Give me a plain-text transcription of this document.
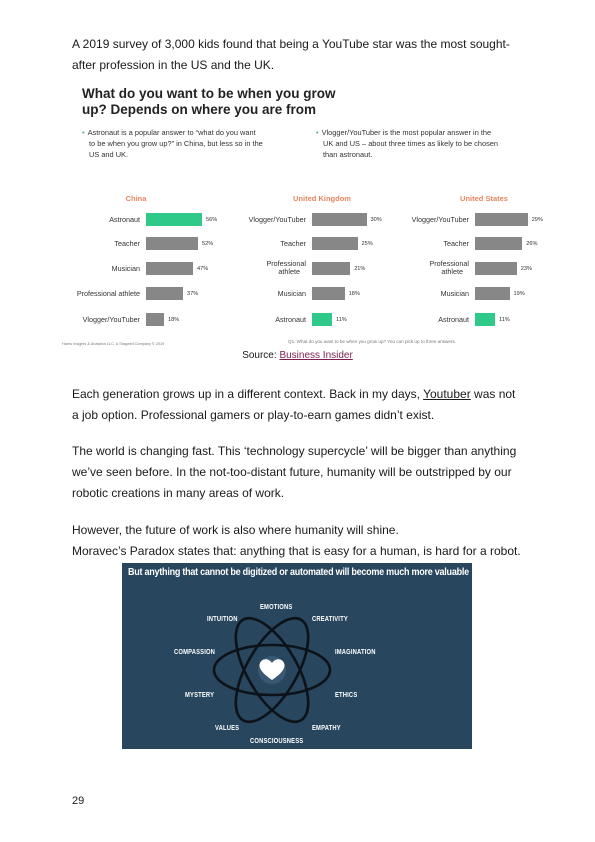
A 2019 survey of 3,000 kids found that being a YouTube star was the most sought-
after profession in the US and the UK.

What do you want to be when you grow
up? Depends on where you are from
• Astronaut is a popular answer to “what do you want
to be when you grow up?” in China, but less so in the
US and UK.
• Vlogger/YouTuber is the most popular answer in the
UK and US – about three times as likely to be chosen
than astronaut.
China
Astronaut	56%
Teacher	52%
Musician	47%
Professional athlete	37%
Vlogger/YouTuber	18%
United Kingdom
Vlogger/YouTuber	30%
Teacher	25%
Professional
athlete	21%
Musician	18%
Astronaut	11%
United States
Vlogger/YouTuber	29%
Teacher	26%
Professional
athlete	23%
Musician	19%
Astronaut	11%
Harris Insights & Analytics LLC, A Stagwell Company © 2019	Q1. What do you want to be when you grow up? You can pick up to three answers.
Source: Business Insider

Each generation grows up in a different context. Back in my days, Youtuber was not
a job option. Professional gamers or play-to-earn games didn’t exist.

The world is changing fast. This ‘technology supercycle’ will be bigger than anything
we’ve seen before. In the not-too-distant future, humanity will be outstripped by our
robotic creations in many areas of work.

However, the future of work is also where humanity will shine.
Moravec’s Paradox states that: anything that is easy for a human, is hard for a robot.

But anything that cannot be digitized or automated will become much more valuable
EMOTIONS
INTUITION	CREATIVITY
COMPASSION	IMAGINATION
MYSTERY	ETHICS
VALUES	EMPATHY
CONSCIOUSNESS
29
